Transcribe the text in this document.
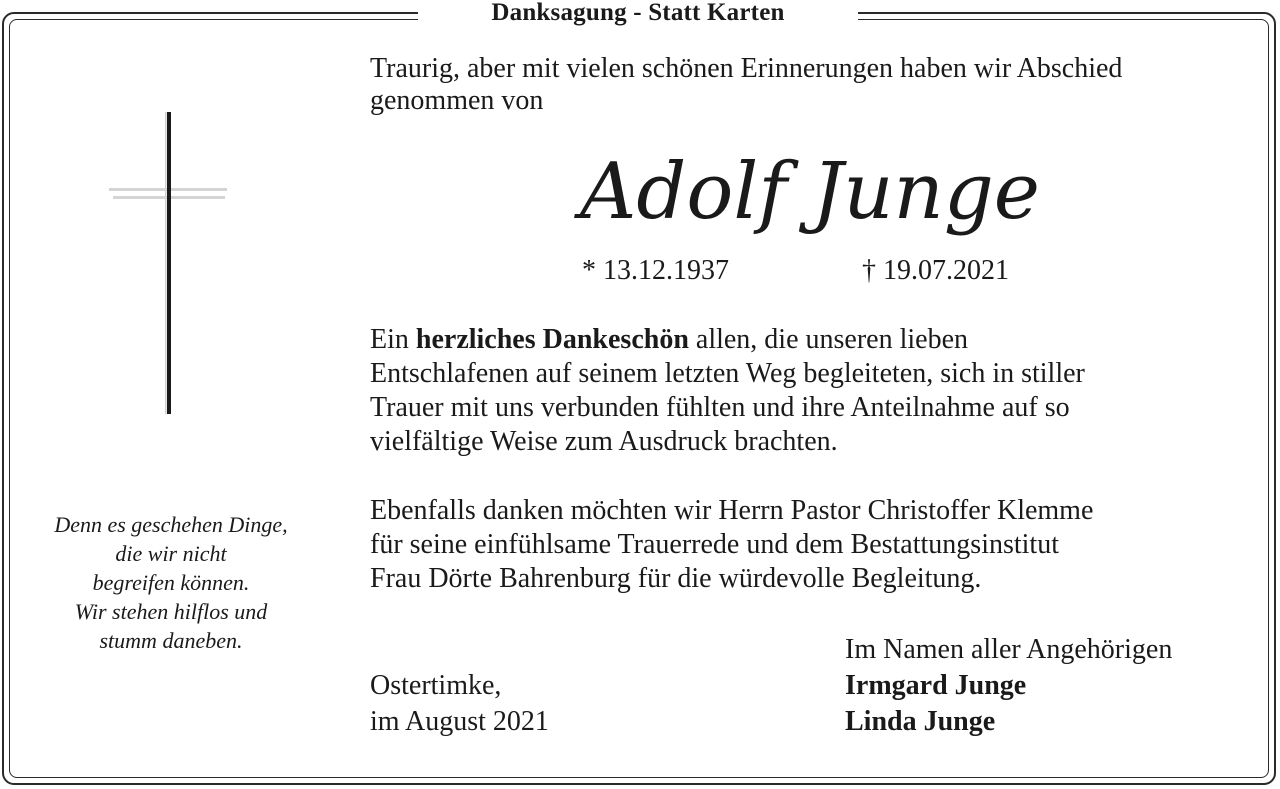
Danksagung - Statt Karten
Denn es geschehen Dinge,
die wir nicht
begreifen können.
Wir stehen hilflos und
stumm daneben.
Traurig, aber mit vielen schönen Erinnerungen haben wir Abschied
genommen von
Adolf Junge
* 13.12.1937	† 19.07.2021
Ein herzliches Dankeschön allen, die unseren lieben
Entschlafenen auf seinem letzten Weg begleiteten, sich in stiller
Trauer mit uns verbunden fühlten und ihre Anteilnahme auf so
vielfältige Weise zum Ausdruck brachten.
Ebenfalls danken möchten wir Herrn Pastor Christoffer Klemme
für seine einfühlsame Trauerrede und dem Bestattungsinstitut
Frau Dörte Bahrenburg für die würdevolle Begleitung.
Ostertimke,
im August 2021
Im Namen aller Angehörigen
Irmgard Junge
Linda Junge
